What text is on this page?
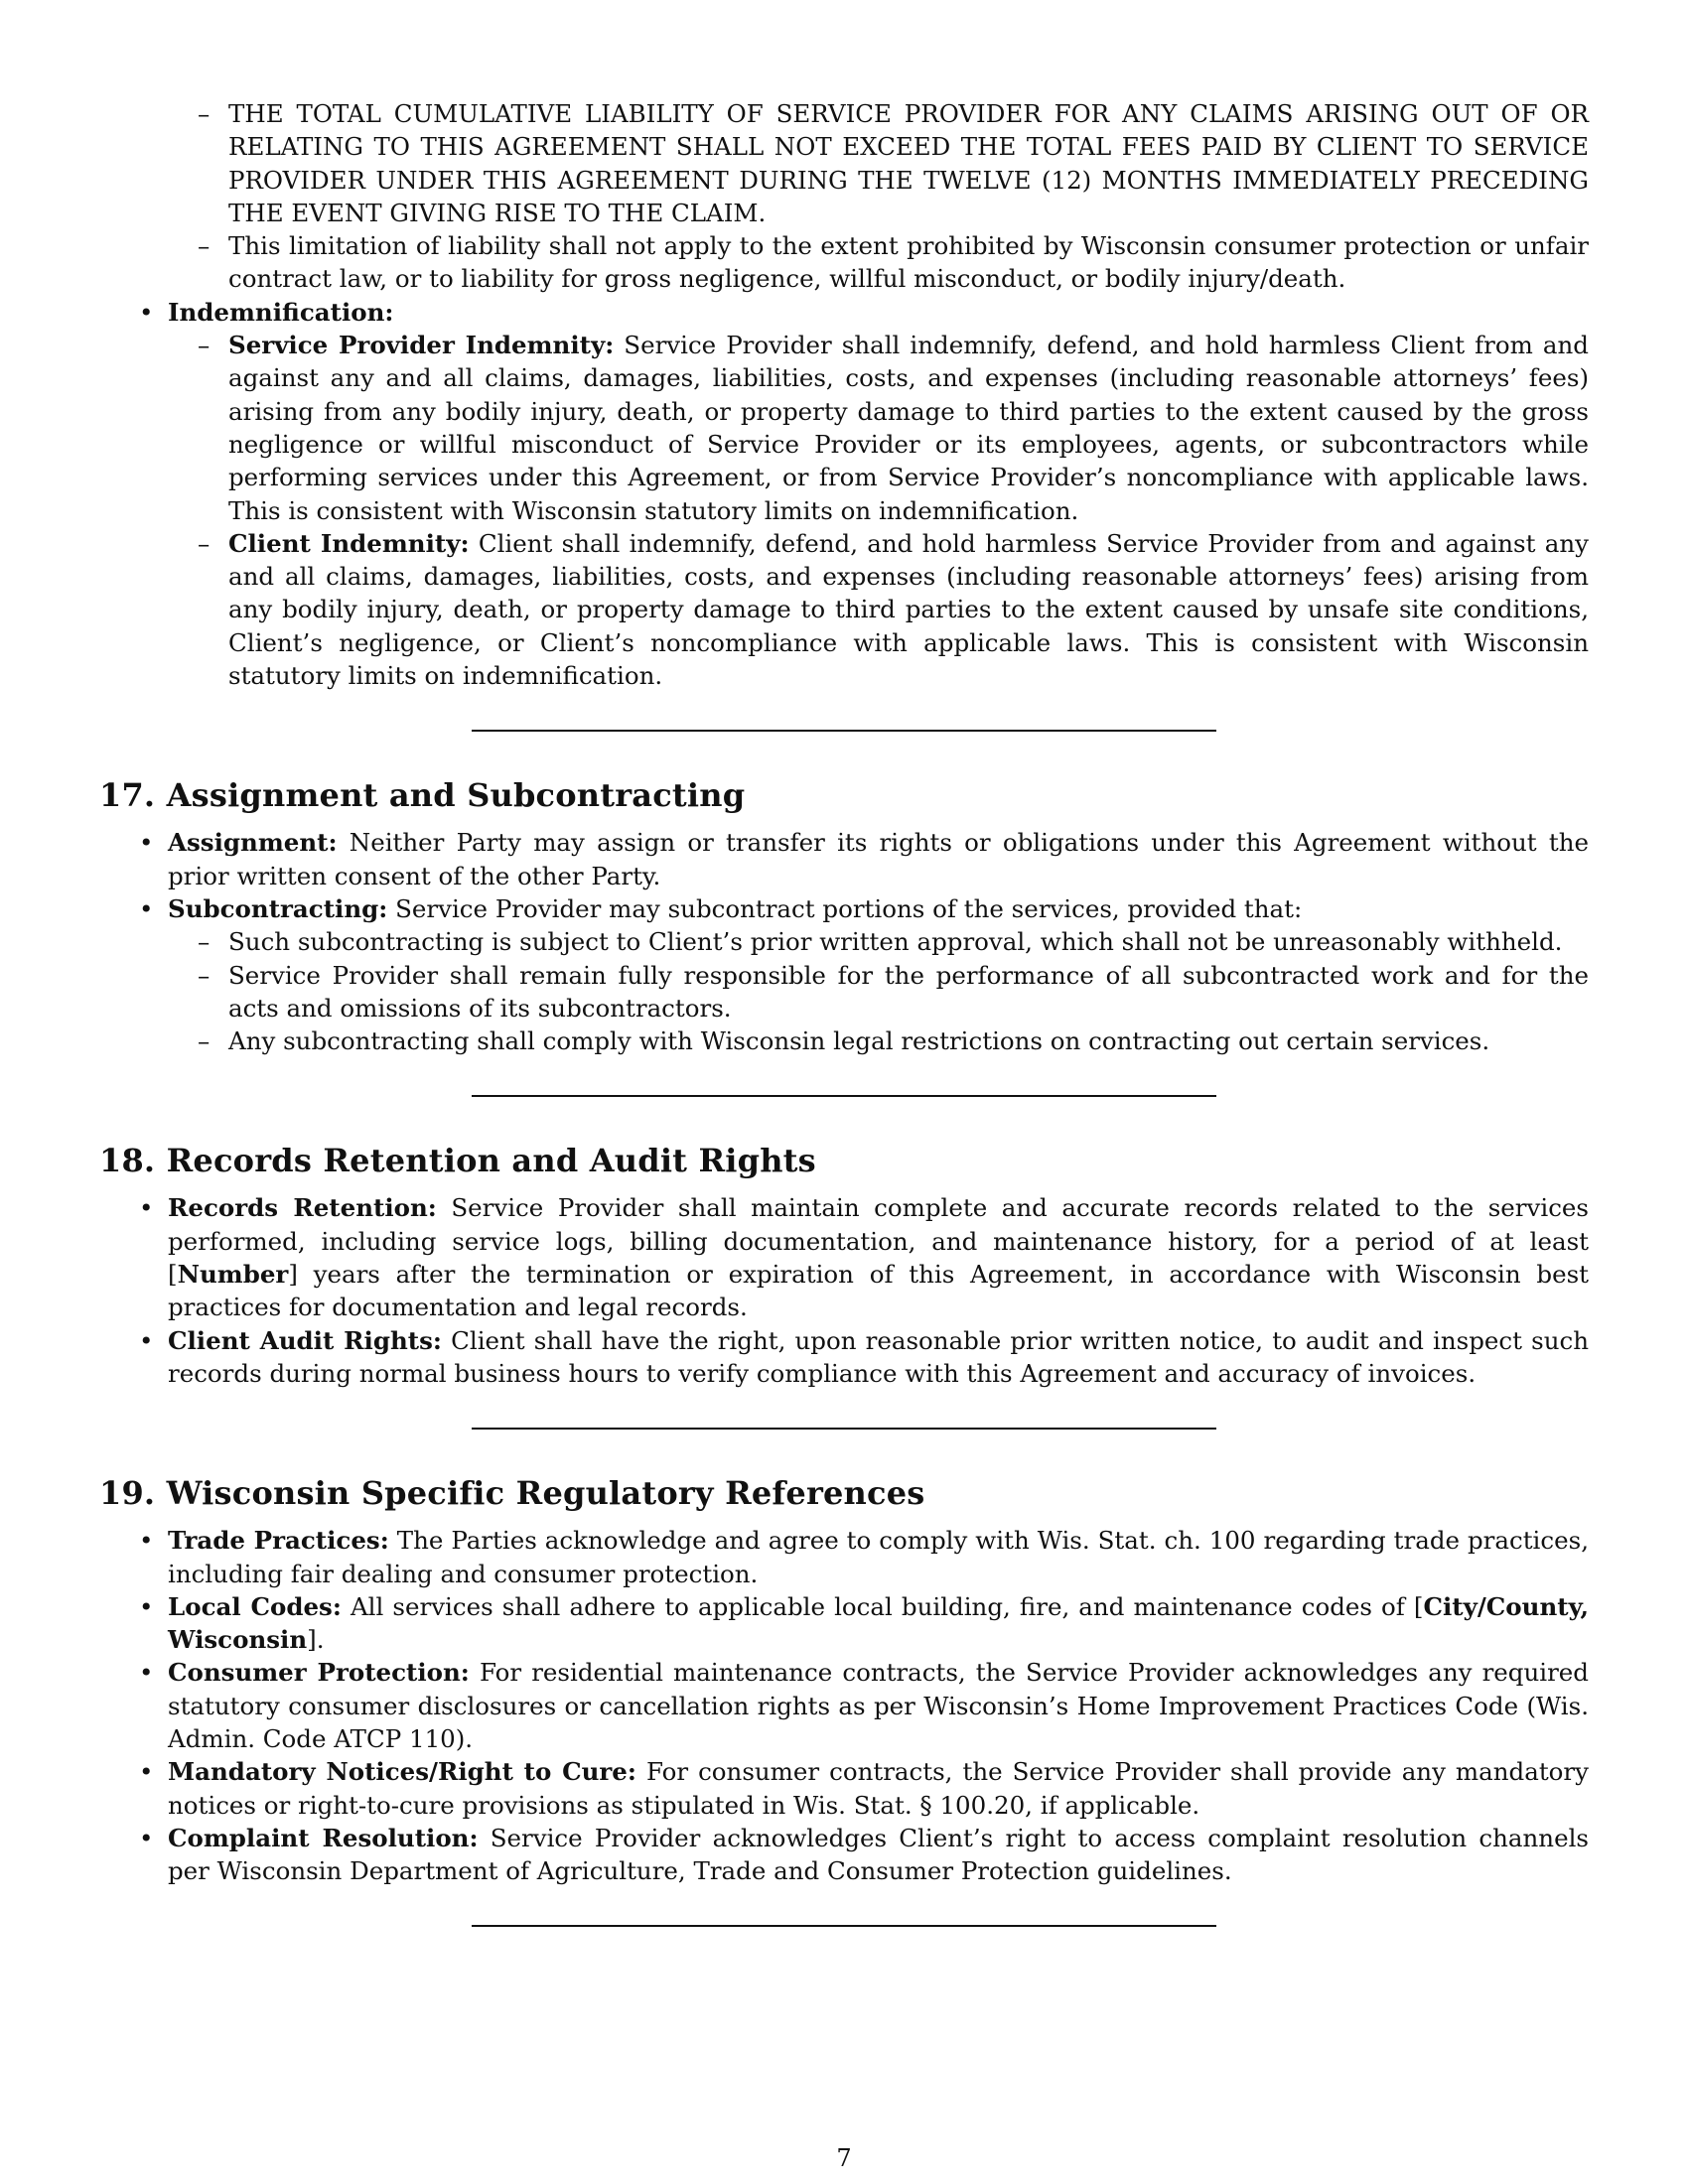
– THE TOTAL CUMULATIVE LIABILITY OF SERVICE PROVIDER FOR ANY CLAIMS ARISING OUT OF OR RELATING TO THIS AGREEMENT SHALL NOT EXCEED THE TOTAL FEES PAID BY CLIENT TO SERVICE PROVIDER UNDER THIS AGREEMENT DURING THE TWELVE (12) MONTHS IMMEDIATELY PRECEDING THE EVENT GIVING RISE TO THE CLAIM.

– This limitation of liability shall not apply to the extent prohibited by Wisconsin consumer protection or unfair contract law, or to liability for gross negligence, willful misconduct, or bodily injury/death.

• Indemnification:

– Service Provider Indemnity: Service Provider shall indemnify, defend, and hold harmless Client from and against any and all claims, damages, liabilities, costs, and expenses (including reasonable attorneys’ fees) arising from any bodily injury, death, or property damage to third parties to the extent caused by the gross negligence or willful misconduct of Service Provider or its employees, agents, or subcontractors while performing services under this Agreement, or from Service Provider’s noncompliance with applicable laws. This is consistent with Wisconsin statutory limits on indemnification.

– Client Indemnity: Client shall indemnify, defend, and hold harmless Service Provider from and against any and all claims, damages, liabilities, costs, and expenses (including reasonable attorneys’ fees) arising from any bodily injury, death, or property damage to third parties to the extent caused by unsafe site conditions, Client’s negligence, or Client’s noncompliance with applicable laws. This is consistent with Wisconsin statutory limits on indemnification.

17. Assignment and Subcontracting
• Assignment: Neither Party may assign or transfer its rights or obligations under this Agreement without the prior written consent of the other Party.

• Subcontracting: Service Provider may subcontract portions of the services, provided that:

– Such subcontracting is subject to Client’s prior written approval, which shall not be unreasonably withheld.

– Service Provider shall remain fully responsible for the performance of all subcontracted work and for the acts and omissions of its subcontractors.

– Any subcontracting shall comply with Wisconsin legal restrictions on contracting out certain services.

18. Records Retention and Audit Rights
• Records Retention: Service Provider shall maintain complete and accurate records related to the services performed, including service logs, billing documentation, and maintenance history, for a period of at least [Number] years after the termination or expiration of this Agreement, in accordance with Wisconsin best practices for documentation and legal records.

• Client Audit Rights: Client shall have the right, upon reasonable prior written notice, to audit and inspect such records during normal business hours to verify compliance with this Agreement and accuracy of invoices.

19. Wisconsin Specific Regulatory References
• Trade Practices: The Parties acknowledge and agree to comply with Wis. Stat. ch. 100 regarding trade practices, including fair dealing and consumer protection.

• Local Codes: All services shall adhere to applicable local building, fire, and maintenance codes of [City/County, Wisconsin].

• Consumer Protection: For residential maintenance contracts, the Service Provider acknowledges any required statutory consumer disclosures or cancellation rights as per Wisconsin’s Home Improvement Practices Code (Wis. Admin. Code ATCP 110).

• Mandatory Notices/Right to Cure: For consumer contracts, the Service Provider shall provide any mandatory notices or right-to-cure provisions as stipulated in Wis. Stat. § 100.20, if applicable.

• Complaint Resolution: Service Provider acknowledges Client’s right to access complaint resolution channels per Wisconsin Department of Agriculture, Trade and Consumer Protection guidelines.

7
